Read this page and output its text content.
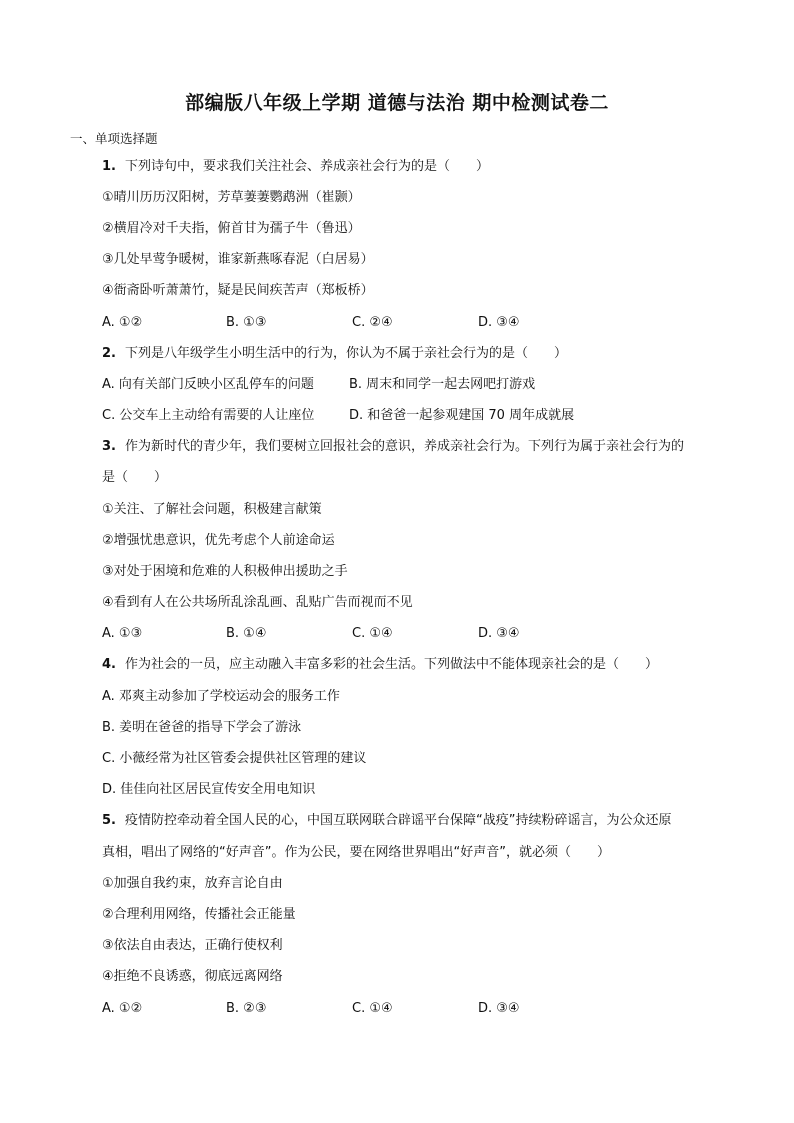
部编版八年级上学期 道德与法治 期中检测试卷二
一、单项选择题
1. 下列诗句中，要求我们关注社会、养成亲社会行为的是（　　）
①晴川历历汉阳树，芳草萋萋鹦鹉洲（崔颢）
②横眉冷对千夫指，俯首甘为孺子牛（鲁迅）
③几处早莺争暖树，谁家新燕啄春泥（白居易）
④衙斋卧听萧萧竹，疑是民间疾苦声（郑板桥）
A. ①②	B. ①③	C. ②④	D. ③④
2. 下列是八年级学生小明生活中的行为，你认为不属于亲社会行为的是（　　）
A. 向有关部门反映小区乱停车的问题	B. 周末和同学一起去网吧打游戏
C. 公交车上主动给有需要的人让座位	D. 和爸爸一起参观建国 70 周年成就展
3. 作为新时代的青少年，我们要树立回报社会的意识，养成亲社会行为。下列行为属于亲社会行为的
是（　　）
①关注、了解社会问题，积极建言献策
②增强忧患意识，优先考虑个人前途命运
③对处于困境和危难的人积极伸出援助之手
④看到有人在公共场所乱涂乱画、乱贴广告而视而不见
A. ①③	B. ①④	C. ①④	D. ③④
4. 作为社会的一员，应主动融入丰富多彩的社会生活。下列做法中不能体现亲社会的是（　　）
A. 邓爽主动参加了学校运动会的服务工作
B. 姜明在爸爸的指导下学会了游泳
C. 小薇经常为社区管委会提供社区管理的建议
D. 佳佳向社区居民宣传安全用电知识
5. 疫情防控牵动着全国人民的心，中国互联网联合辟谣平台保障“战疫”持续粉碎谣言，为公众还原
真相，唱出了网络的“好声音”。作为公民，要在网络世界唱出“好声音”，就必须（　　）
①加强自我约束，放弃言论自由
②合理利用网络，传播社会正能量
③依法自由表达，正确行使权利
④拒绝不良诱惑，彻底远离网络
A. ①②	B. ②③	C. ①④	D. ③④
